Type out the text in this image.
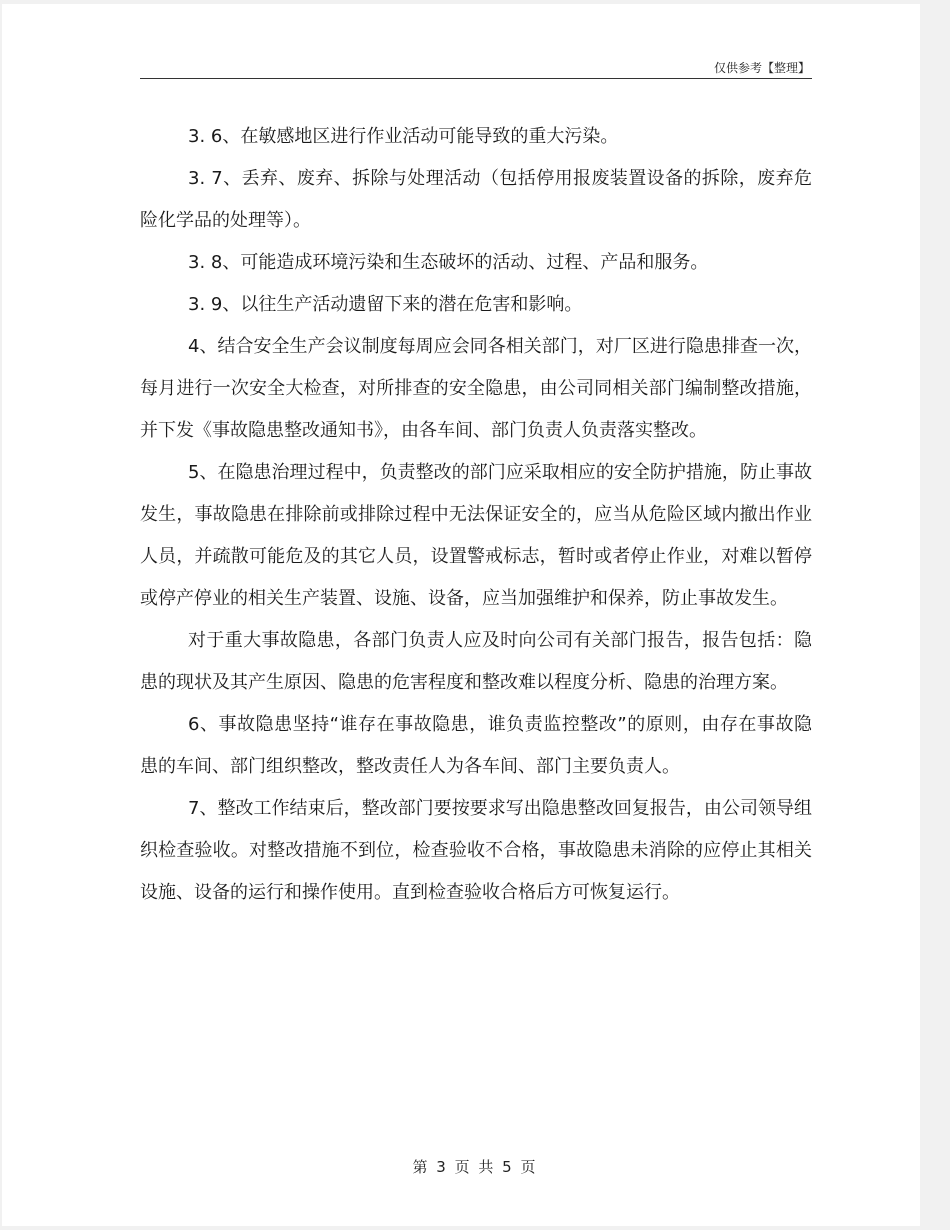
仅供参考【整理】

3. 6、在敏感地区进行作业活动可能导致的重大污染。

3. 7、丢弃、废弃、拆除与处理活动（包括停用报废装置设备的拆除，废弃危险化学品的处理等）。

3. 8、可能造成环境污染和生态破坏的活动、过程、产品和服务。

3. 9、以往生产活动遗留下来的潜在危害和影响。

4、结合安全生产会议制度每周应会同各相关部门，对厂区进行隐患排查一次，每月进行一次安全大检查，对所排查的安全隐患，由公司同相关部门编制整改措施，并下发《事故隐患整改通知书》，由各车间、部门负责人负责落实整改。

5、在隐患治理过程中，负责整改的部门应采取相应的安全防护措施，防止事故发生，事故隐患在排除前或排除过程中无法保证安全的，应当从危险区域内撤出作业人员，并疏散可能危及的其它人员，设置警戒标志，暂时或者停止作业，对难以暂停或停产停业的相关生产装置、设施、设备，应当加强维护和保养，防止事故发生。

对于重大事故隐患，各部门负责人应及时向公司有关部门报告，报告包括：隐患的现状及其产生原因、隐患的危害程度和整改难以程度分析、隐患的治理方案。

6、事故隐患坚持“谁存在事故隐患，谁负责监控整改”的原则，由存在事故隐患的车间、部门组织整改，整改责任人为各车间、部门主要负责人。

7、整改工作结束后，整改部门要按要求写出隐患整改回复报告，由公司领导组织检查验收。对整改措施不到位，检查验收不合格，事故隐患未消除的应停止其相关设施、设备的运行和操作使用。直到检查验收合格后方可恢复运行。

第 3 页 共 5 页
